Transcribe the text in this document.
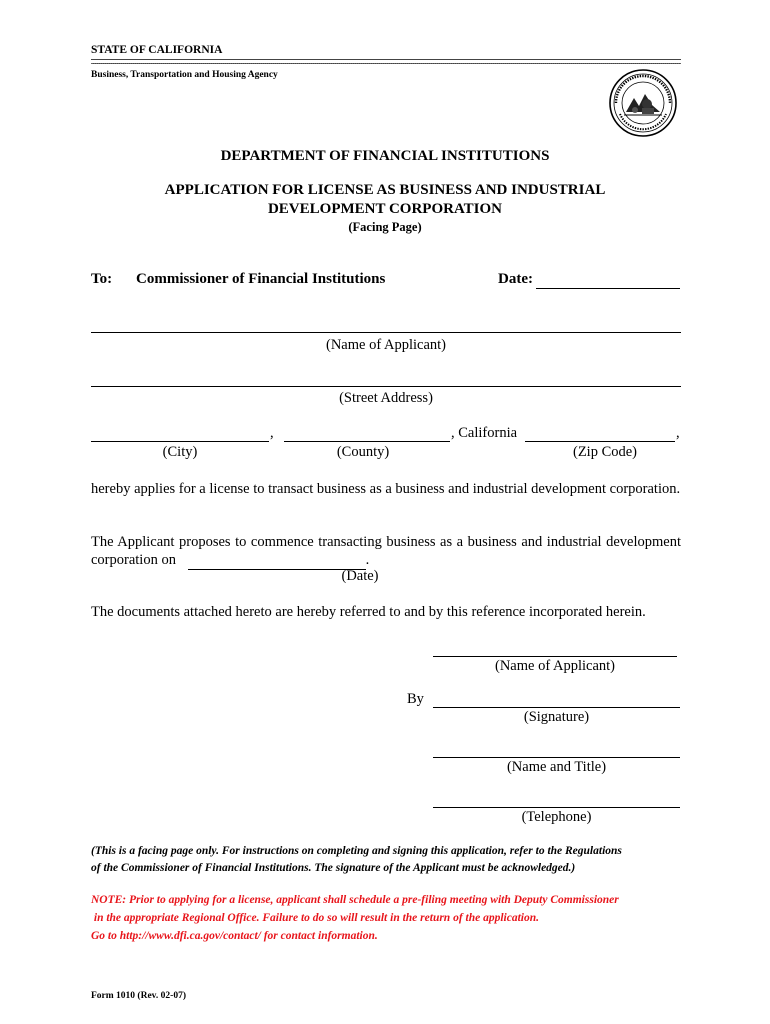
STATE OF CALIFORNIA
Business, Transportation and Housing Agency
DEPARTMENT OF FINANCIAL INSTITUTIONS
APPLICATION FOR LICENSE AS BUSINESS AND INDUSTRIAL
DEVELOPMENT CORPORATION
(Facing Page)
To: Commissioner of Financial Institutions	Date:
(Name of Applicant)
(Street Address)
,	, California	,
(City)	(County)	(Zip Code)
hereby applies for a license to transact business as a business and industrial development corporation.
The Applicant proposes to commence transacting business as a business and industrial development corporation on	.
(Date)
The documents attached hereto are hereby referred to and by this reference incorporated herein.
(Name of Applicant)
By
(Signature)
(Name and Title)
(Telephone)
(This is a facing page only. For instructions on completing and signing this application, refer to the Regulations
of the Commissioner of Financial Institutions. The signature of the Applicant must be acknowledged.)
NOTE: Prior to applying for a license, applicant shall schedule a pre-filing meeting with Deputy Commissioner
in the appropriate Regional Office. Failure to do so will result in the return of the application.
Go to http://www.dfi.ca.gov/contact/ for contact information.
Form 1010 (Rev. 02-07)
